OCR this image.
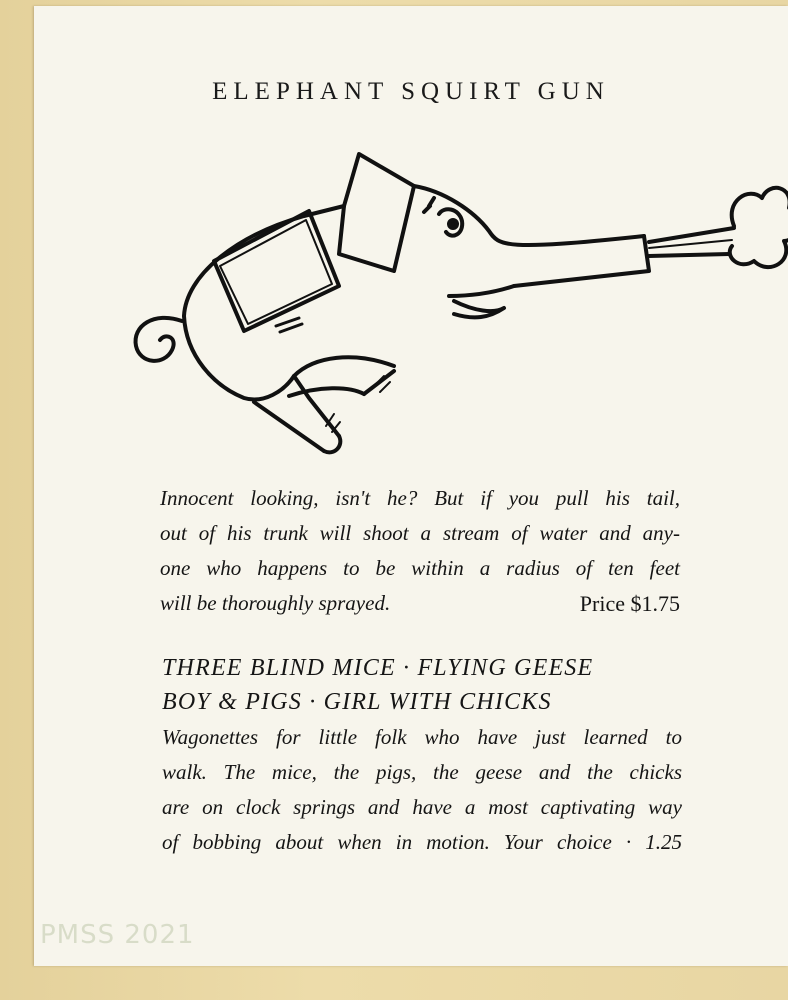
ELEPHANT SQUIRT GUN
Innocent looking, isn't he? But if you pull his tail,
out of his trunk will shoot a stream of water and any-
one who happens to be within a radius of ten feet
will be thoroughly sprayed.	Price $1.75
THREE BLIND MICE · FLYING GEESE
BOY & PIGS · GIRL WITH CHICKS
Wagonettes for little folk who have just learned to
walk. The mice, the pigs, the geese and the chicks
are on clock springs and have a most captivating way
of bobbing about when in motion. Your choice · 1.25
PMSS 2021
